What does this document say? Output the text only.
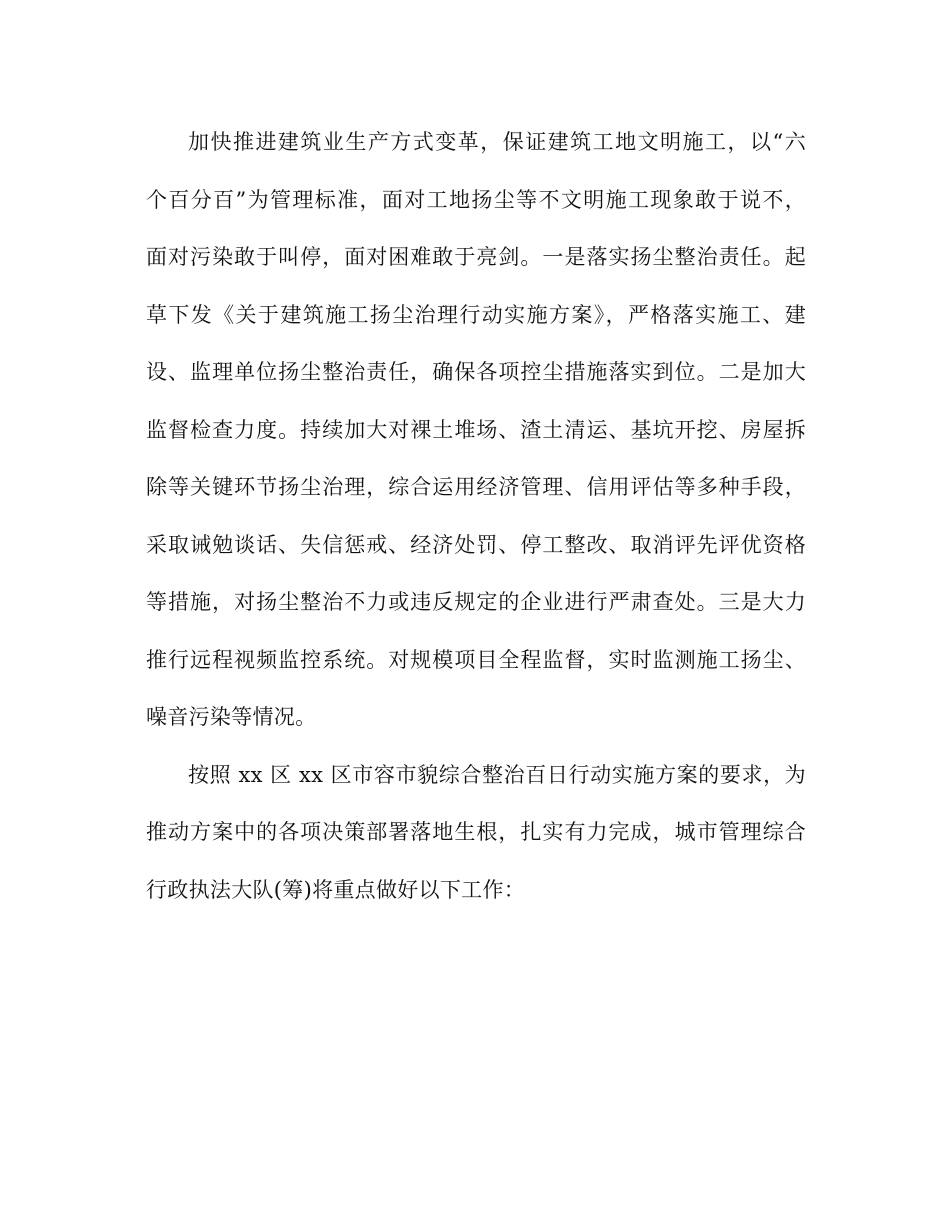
加快推进建筑业生产方式变革，保证建筑工地文明施工，以“六
个百分百”为管理标准，面对工地扬尘等不文明施工现象敢于说不，
面对污染敢于叫停，面对困难敢于亮剑。一是落实扬尘整治责任。起
草下发《关于建筑施工扬尘治理行动实施方案》，严格落实施工、建
设、监理单位扬尘整治责任，确保各项控尘措施落实到位。二是加大
监督检查力度。持续加大对裸土堆场、渣土清运、基坑开挖、房屋拆
除等关键环节扬尘治理，综合运用经济管理、信用评估等多种手段，
采取诫勉谈话、失信惩戒、经济处罚、停工整改、取消评先评优资格
等措施，对扬尘整治不力或违反规定的企业进行严肃查处。三是大力
推行远程视频监控系统。对规模项目全程监督，实时监测施工扬尘、
噪音污染等情况。
按照 xx 区 xx 区市容市貌综合整治百日行动实施方案的要求，为
推动方案中的各项决策部署落地生根，扎实有力完成，城市管理综合
行政执法大队(筹)将重点做好以下工作：
